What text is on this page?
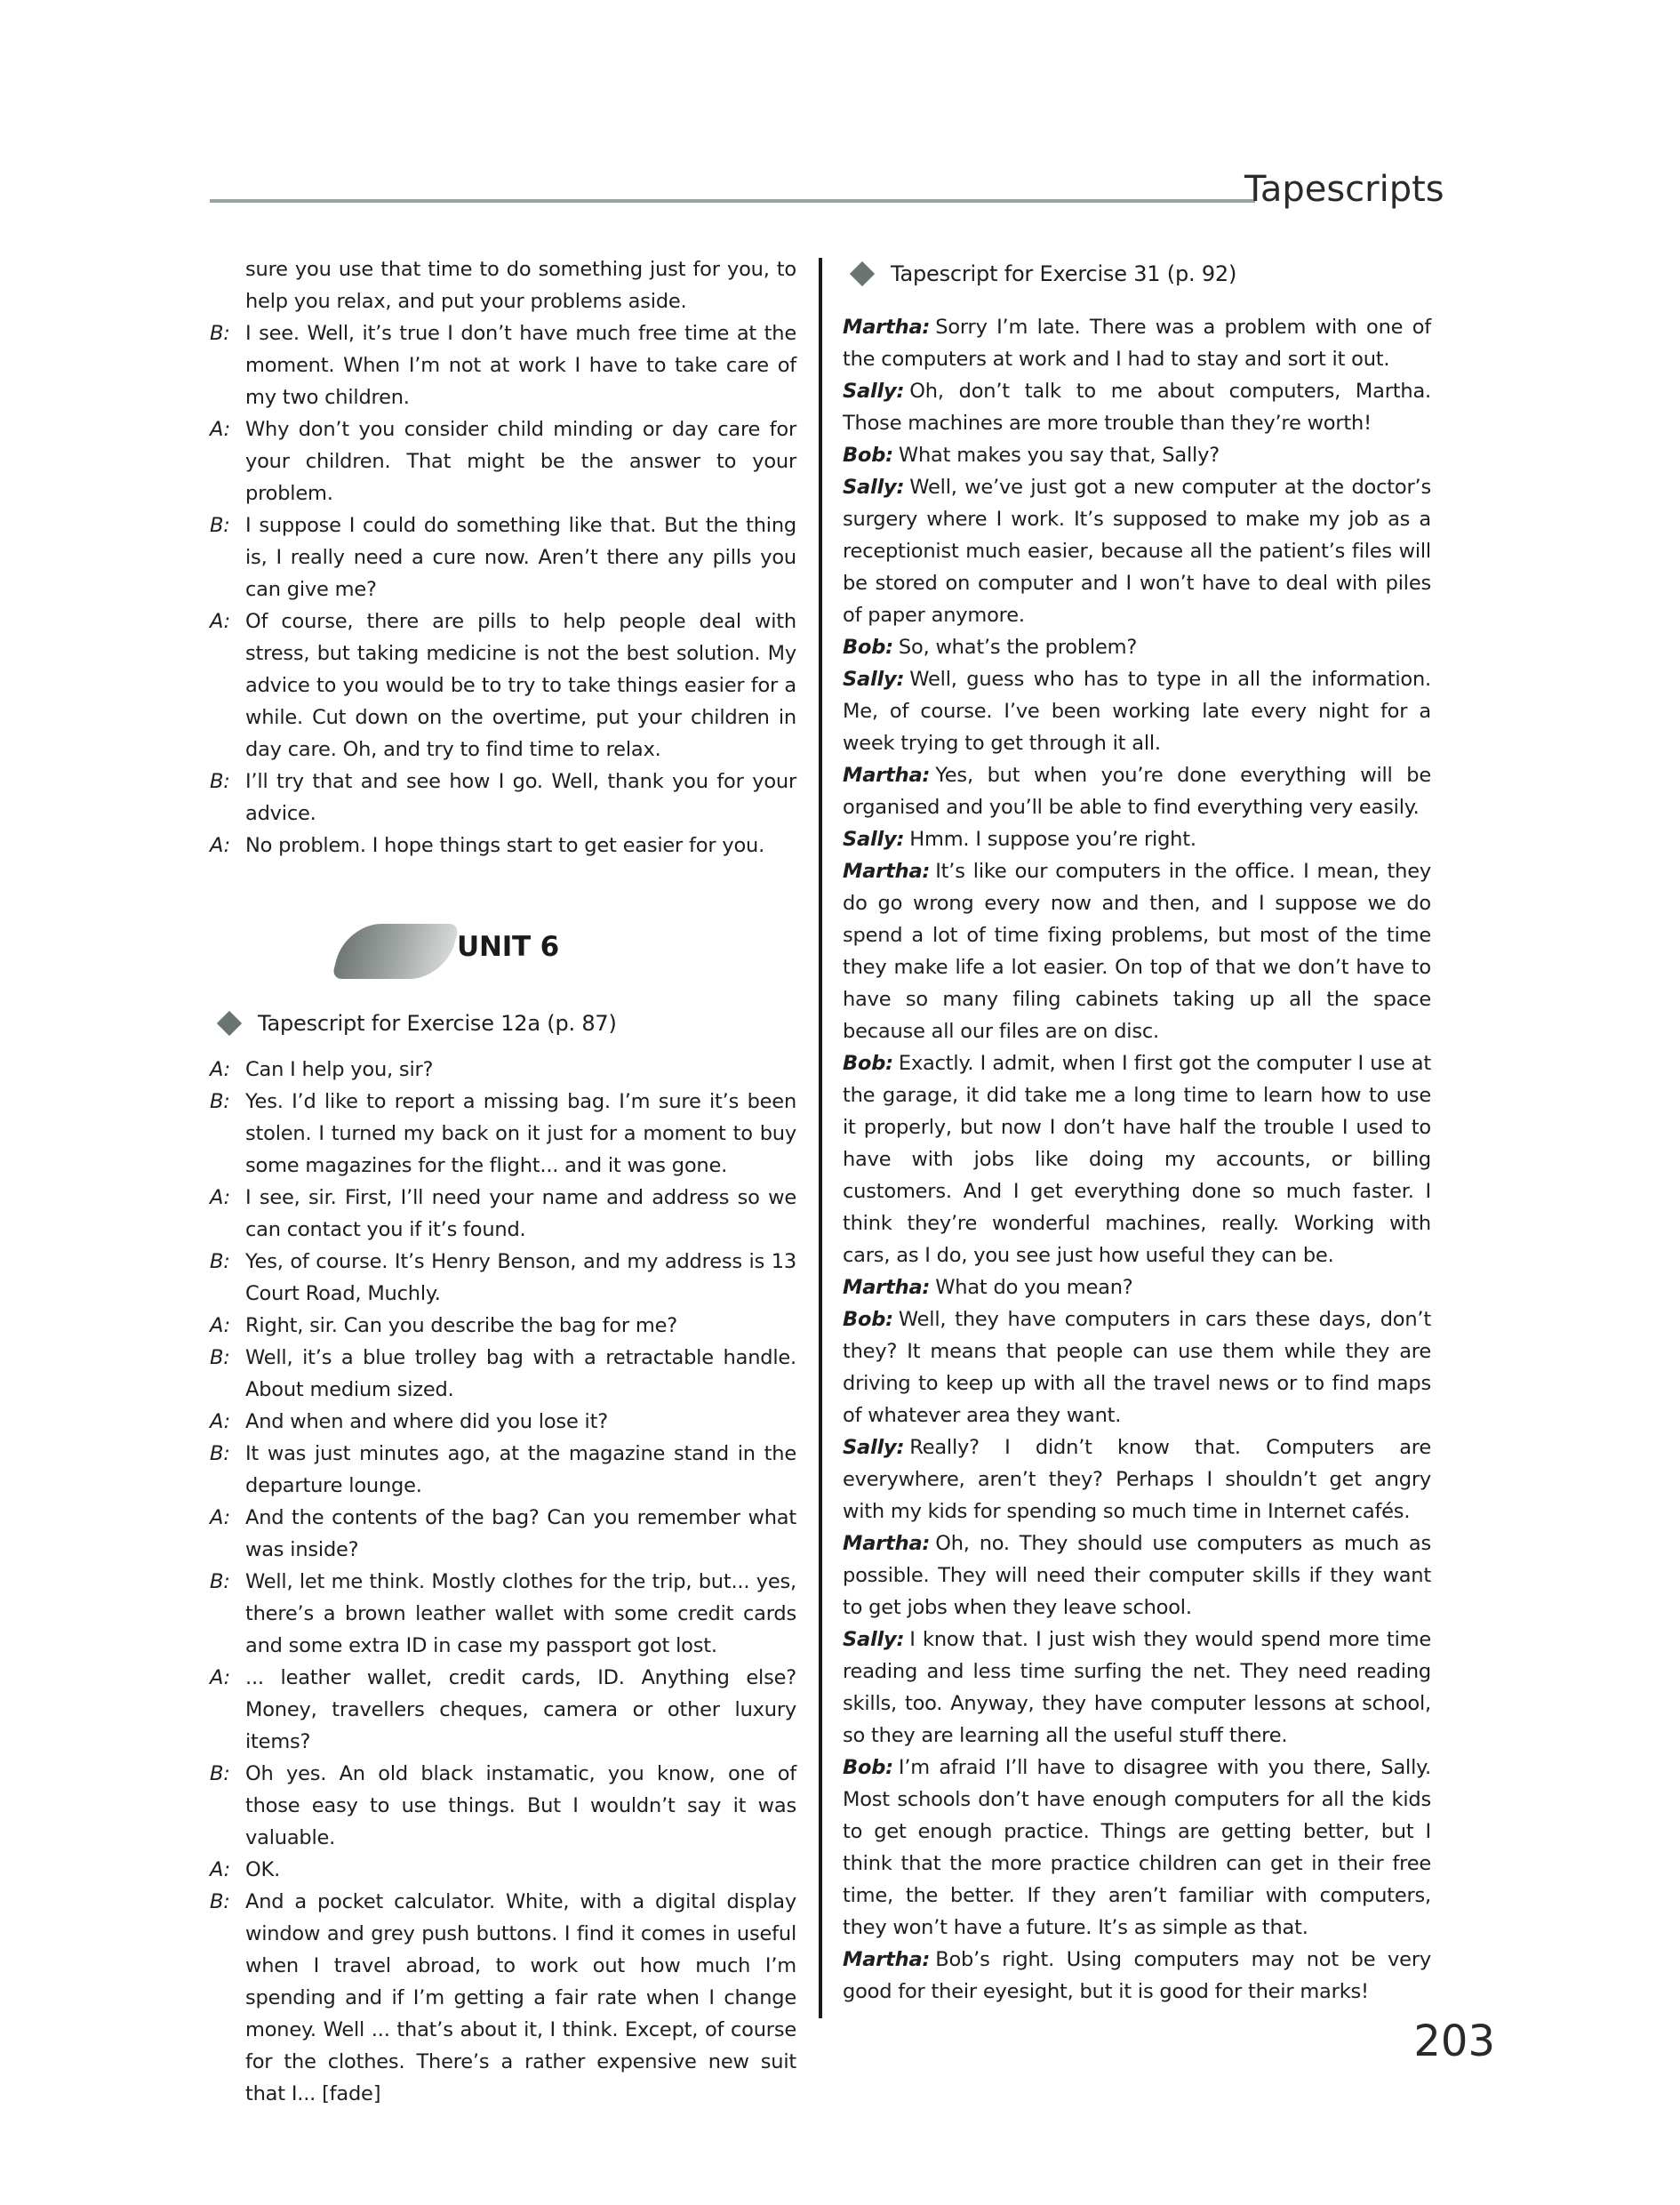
Tapescripts
sure you use that time to do something just for you, to help you relax, and put your problems aside.
B: I see. Well, it’s true I don’t have much free time at the moment. When I’m not at work I have to take care of my two children.
A: Why don’t you consider child minding or day care for your children. That might be the answer to your problem.
B: I suppose I could do something like that. But the thing is, I really need a cure now. Aren’t there any pills you can give me?
A: Of course, there are pills to help people deal with stress, but taking medicine is not the best solution. My advice to you would be to try to take things easier for a while. Cut down on the overtime, put your children in day care. Oh, and try to find time to relax.
B: I’ll try that and see how I go. Well, thank you for your advice.
A: No problem. I hope things start to get easier for you.
UNIT 6
Tapescript for Exercise 12a (p. 87)
A: Can I help you, sir?
B: Yes. I’d like to report a missing bag. I’m sure it’s been stolen. I turned my back on it just for a moment to buy some magazines for the flight... and it was gone.
A: I see, sir. First, I’ll need your name and address so we can contact you if it’s found.
B: Yes, of course. It’s Henry Benson, and my address is 13 Court Road, Muchly.
A: Right, sir. Can you describe the bag for me?
B: Well, it’s a blue trolley bag with a retractable handle. About medium sized.
A: And when and where did you lose it?
B: It was just minutes ago, at the magazine stand in the departure lounge.
A: And the contents of the bag? Can you remember what was inside?
B: Well, let me think. Mostly clothes for the trip, but... yes, there’s a brown leather wallet with some credit cards and some extra ID in case my passport got lost.
A: ... leather wallet, credit cards, ID. Anything else? Money, travellers cheques, camera or other luxury items?
B: Oh yes. An old black instamatic, you know, one of those easy to use things. But I wouldn’t say it was valuable.
A: OK.
B: And a pocket calculator. White, with a digital display window and grey push buttons. I find it comes in useful when I travel abroad, to work out how much I’m spending and if I’m getting a fair rate when I change money. Well ... that’s about it, I think. Except, of course for the clothes. There’s a rather expensive new suit that I... [fade]
Tapescript for Exercise 31 (p. 92)

Martha: Sorry I’m late. There was a problem with one of the computers at work and I had to stay and sort it out.

Sally: Oh, don’t talk to me about computers, Martha. Those machines are more trouble than they’re worth!

Bob: What makes you say that, Sally?

Sally: Well, we’ve just got a new computer at the doctor’s surgery where I work. It’s supposed to make my job as a receptionist much easier, because all the patient’s files will be stored on computer and I won’t have to deal with piles of paper anymore.

Bob: So, what’s the problem?

Sally: Well, guess who has to type in all the information. Me, of course. I’ve been working late every night for a week trying to get through it all.

Martha: Yes, but when you’re done everything will be organised and you’ll be able to find everything very easily.

Sally: Hmm. I suppose you’re right.

Martha: It’s like our computers in the office. I mean, they do go wrong every now and then, and I suppose we do spend a lot of time fixing problems, but most of the time they make life a lot easier. On top of that we don’t have to have so many filing cabinets taking up all the space because all our files are on disc.

Bob: Exactly. I admit, when I first got the computer I use at the garage, it did take me a long time to learn how to use it properly, but now I don’t have half the trouble I used to have with jobs like doing my accounts, or billing customers. And I get everything done so much faster. I think they’re wonderful machines, really. Working with cars, as I do, you see just how useful they can be.

Martha: What do you mean?

Bob: Well, they have computers in cars these days, don’t they? It means that people can use them while they are driving to keep up with all the travel news or to find maps of whatever area they want.

Sally: Really? I didn’t know that. Computers are everywhere, aren’t they? Perhaps I shouldn’t get angry with my kids for spending so much time in Internet cafés.

Martha: Oh, no. They should use computers as much as possible. They will need their computer skills if they want to get jobs when they leave school.

Sally: I know that. I just wish they would spend more time reading and less time surfing the net. They need reading skills, too. Anyway, they have computer lessons at school, so they are learning all the useful stuff there.

Bob: I’m afraid I’ll have to disagree with you there, Sally. Most schools don’t have enough computers for all the kids to get enough practice. Things are getting better, but I think that the more practice children can get in their free time, the better. If they aren’t familiar with computers, they won’t have a future. It’s as simple as that.

Martha: Bob’s right. Using computers may not be very good for their eyesight, but it is good for their marks!

203
